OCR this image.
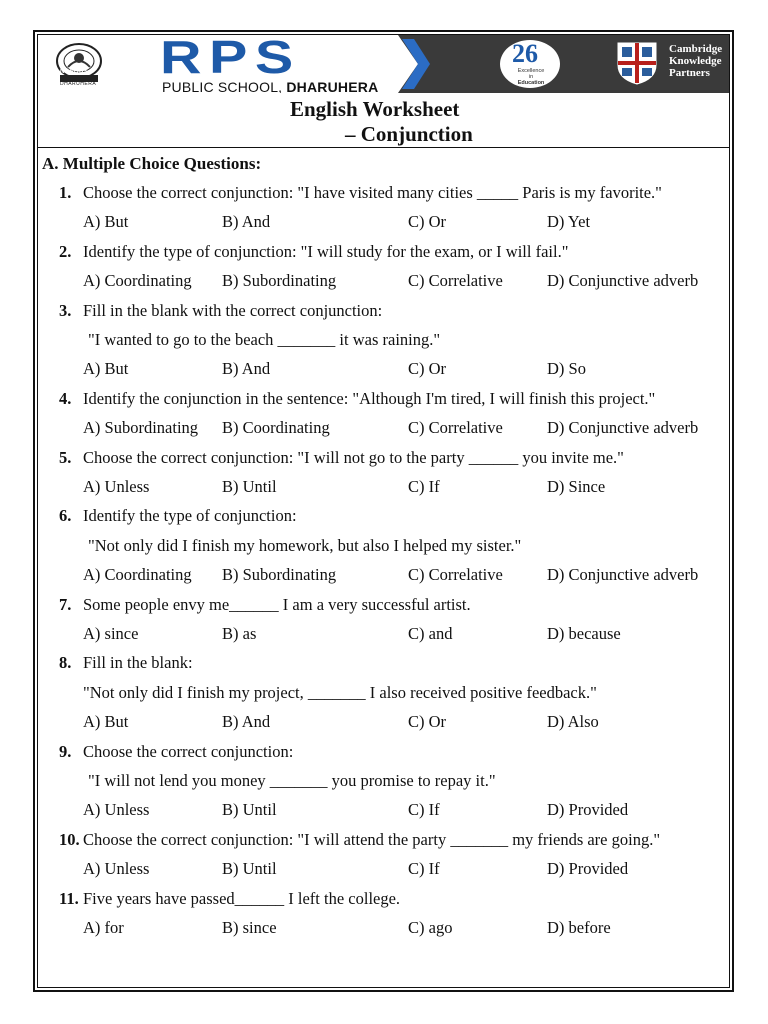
NPSGDS
DHARUHERA
RPS
PUBLIC SCHOOL, DHARUHERA
26
Excellence in
Education
Cambridge
Knowledge
Partners
English Worksheet
– Conjunction
A. Multiple Choice Questions:
1. Choose the correct conjunction: "I have visited many cities _____ Paris is my favorite."
A) But	B) And	C) Or	D) Yet
2. Identify the type of conjunction: "I will study for the exam, or I will fail."
A) Coordinating B) Subordinating	C) Correlative	D) Conjunctive adverb
3. Fill in the blank with the correct conjunction:
"I wanted to go to the beach _______ it was raining."
A) But	B) And	C) Or	D) So
4. Identify the conjunction in the sentence: "Although I'm tired, I will finish this project."
A) Subordinating B) Coordinating	C) Correlative	D) Conjunctive adverb
5. Choose the correct conjunction: "I will not go to the party ______ you invite me."
A) Unless	B) Until	C) If	D) Since
6. Identify the type of conjunction:
"Not only did I finish my homework, but also I helped my sister."
A) Coordinating B) Subordinating	C) Correlative	D) Conjunctive adverb
7. Some people envy me______ I am a very successful artist.
A) since	B) as	C) and	D) because
8. Fill in the blank:
"Not only did I finish my project, _______ I also received positive feedback."
A) But	B) And	C) Or	D) Also
9. Choose the correct conjunction:
"I will not lend you money _______ you promise to repay it."
A) Unless	B) Until	C) If	D) Provided
10. Choose the correct conjunction: "I will attend the party _______ my friends are going."
A) Unless	B) Until	C) If	D) Provided
11. Five years have passed______ I left the college.
A) for	B) since	C) ago	D) before
